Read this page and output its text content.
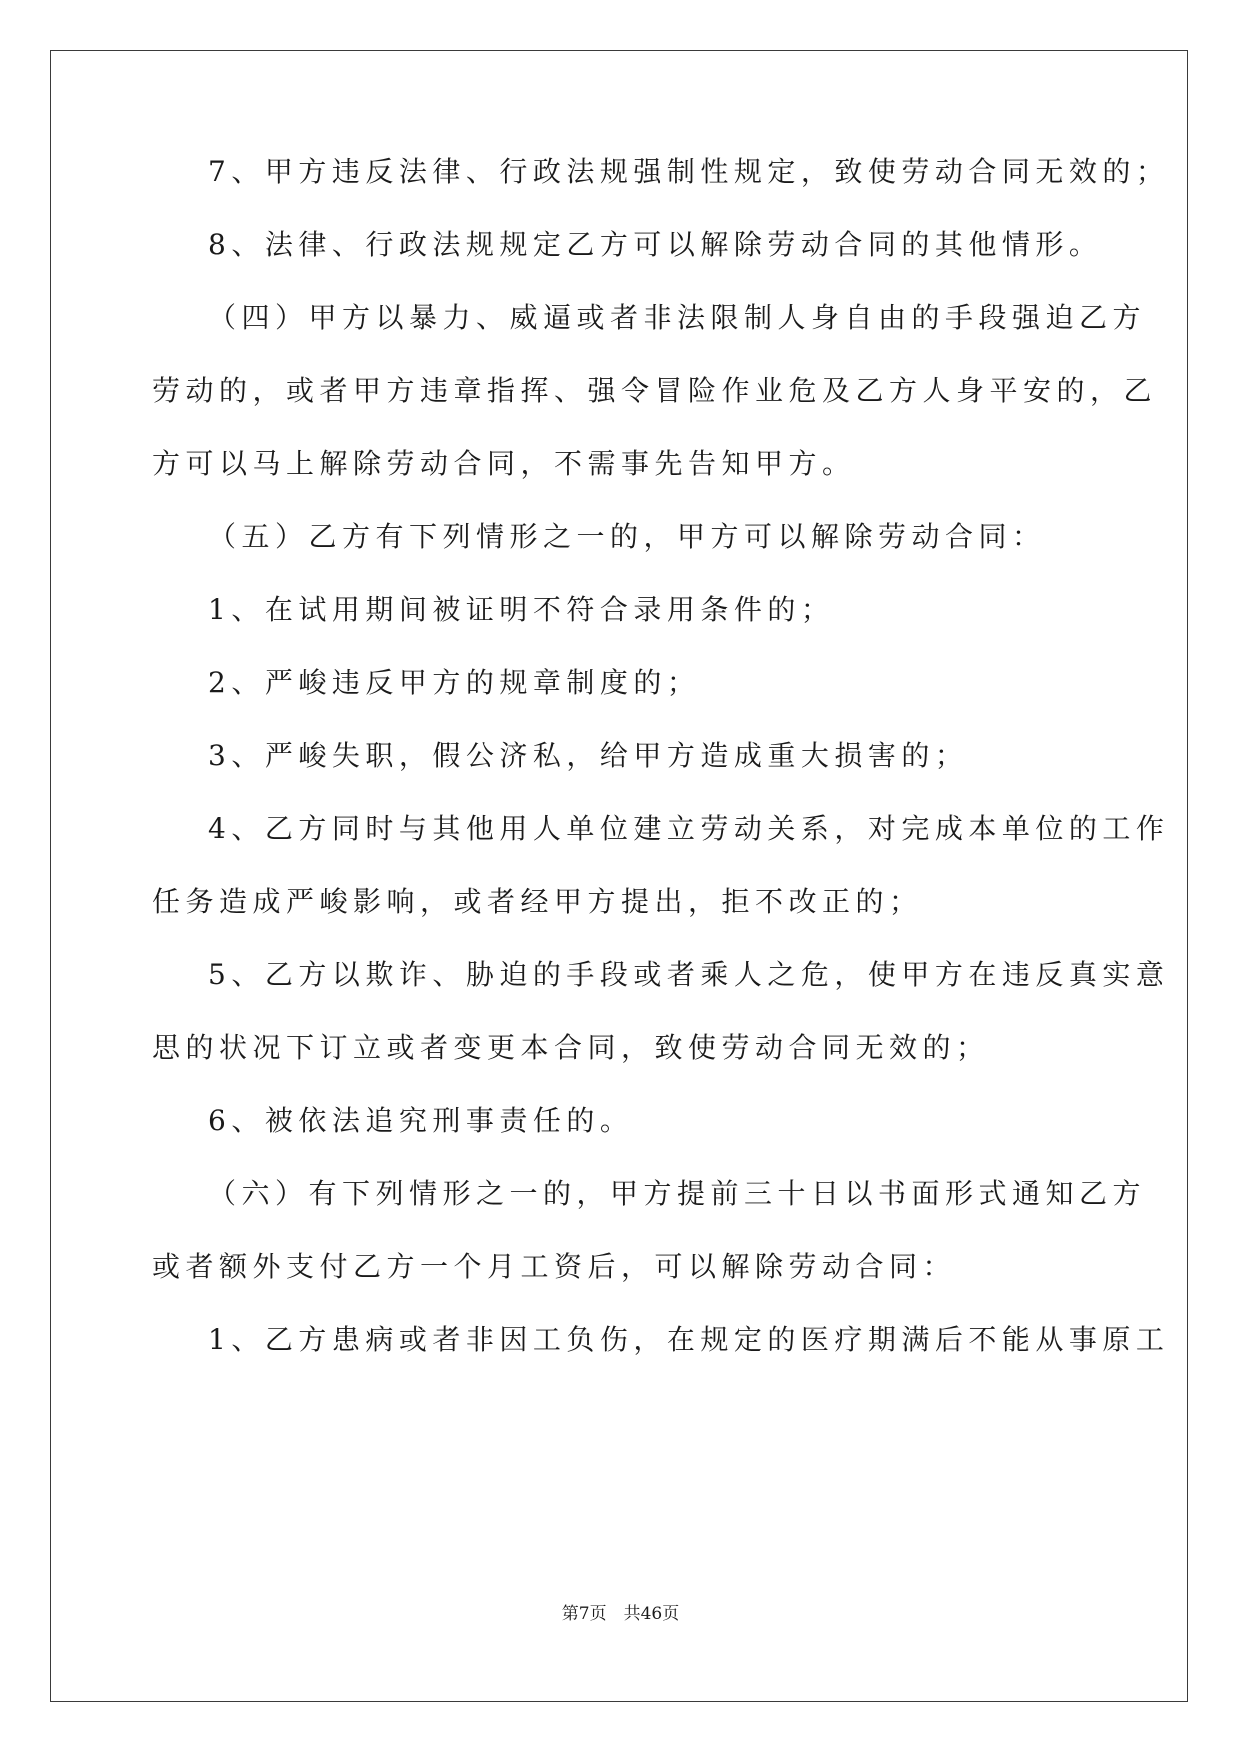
7、甲方违反法律、行政法规强制性规定，致使劳动合同无效的；
8、法律、行政法规规定乙方可以解除劳动合同的其他情形。
（四）甲方以暴力、威逼或者非法限制人身自由的手段强迫乙方
劳动的，或者甲方违章指挥、强令冒险作业危及乙方人身平安的，乙
方可以马上解除劳动合同，不需事先告知甲方。
（五）乙方有下列情形之一的，甲方可以解除劳动合同：
1、在试用期间被证明不符合录用条件的；
2、严峻违反甲方的规章制度的；
3、严峻失职，假公济私，给甲方造成重大损害的；
4、乙方同时与其他用人单位建立劳动关系，对完成本单位的工作
任务造成严峻影响，或者经甲方提出，拒不改正的；
5、乙方以欺诈、胁迫的手段或者乘人之危，使甲方在违反真实意
思的状况下订立或者变更本合同，致使劳动合同无效的；
6、被依法追究刑事责任的。
（六）有下列情形之一的，甲方提前三十日以书面形式通知乙方
或者额外支付乙方一个月工资后，可以解除劳动合同：
1、乙方患病或者非因工负伤，在规定的医疗期满后不能从事原工
第7页　共46页
